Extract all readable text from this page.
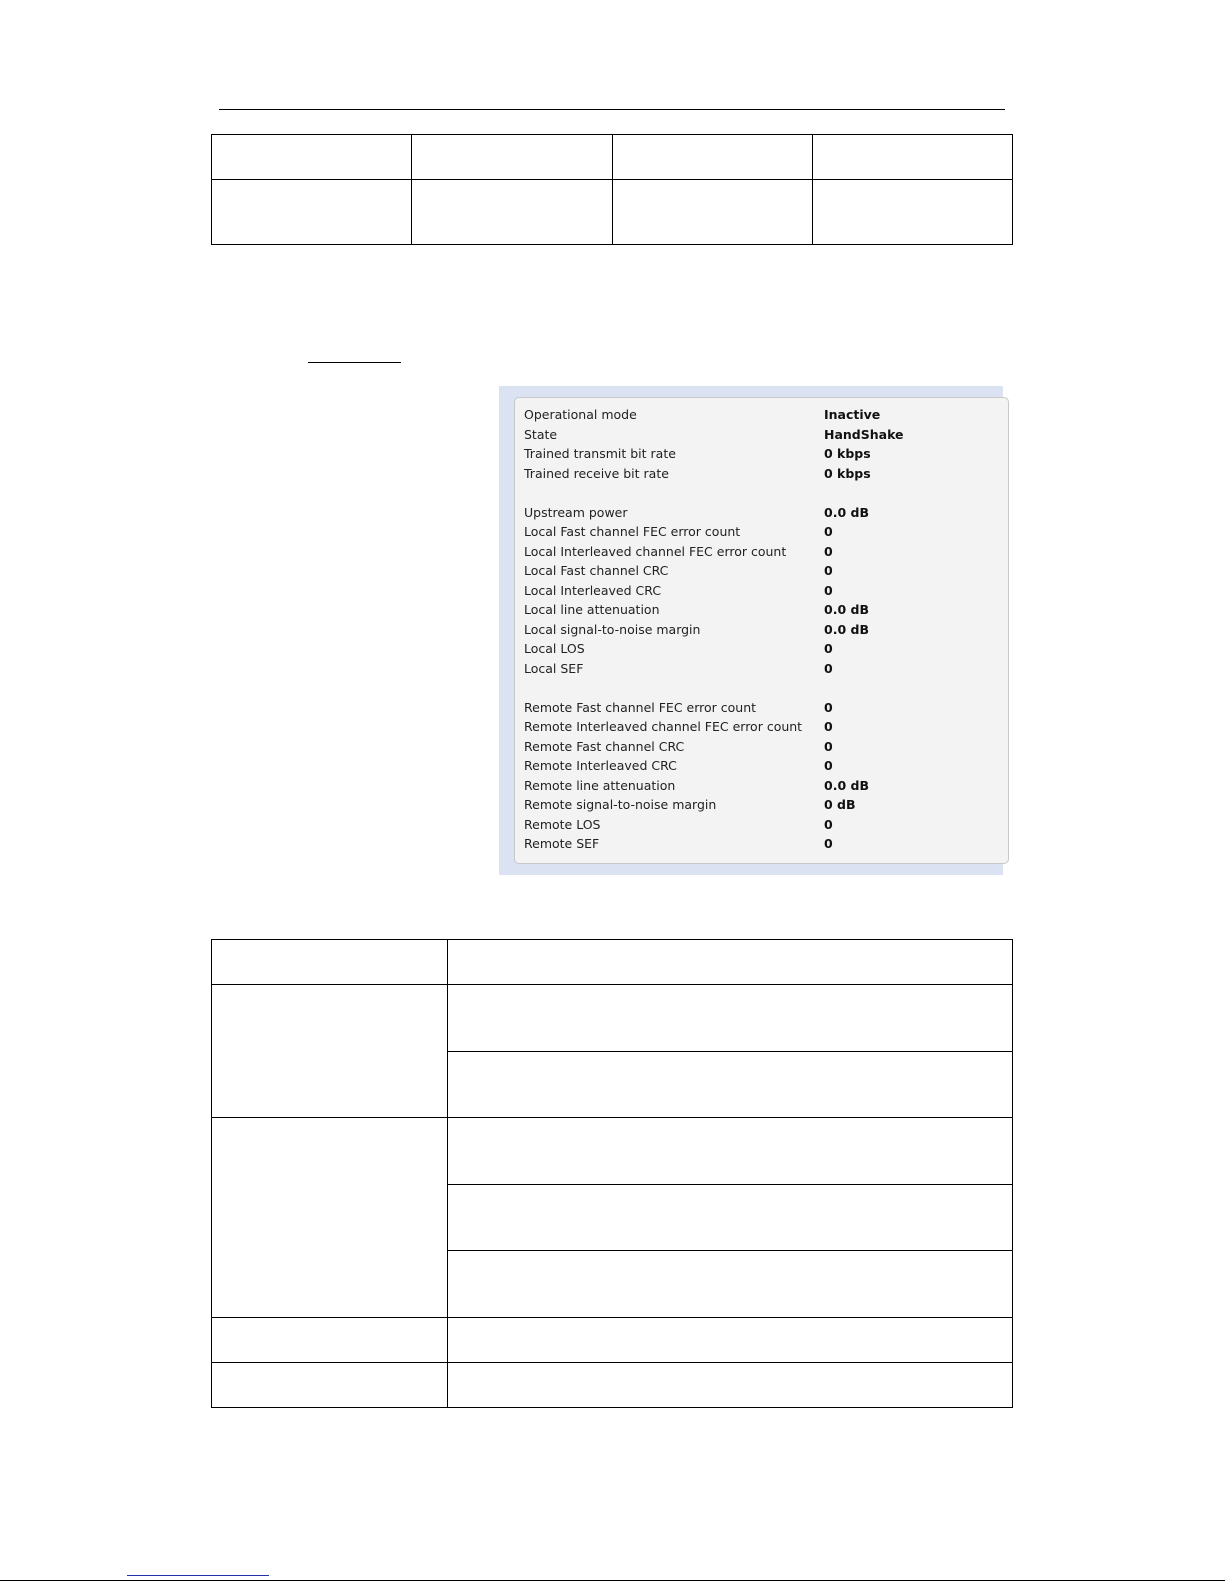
Operational mode	Inactive
State	HandShake
Trained transmit bit rate	0 kbps
Trained receive bit rate	0 kbps
Upstream power	0.0 dB
Local Fast channel FEC error count	0
Local Interleaved channel FEC error count	0
Local Fast channel CRC	0
Local Interleaved CRC	0
Local line attenuation	0.0 dB
Local signal-to-noise margin	0.0 dB
Local LOS	0
Local SEF	0
Remote Fast channel FEC error count	0
Remote Interleaved channel FEC error count	0
Remote Fast channel CRC	0
Remote Interleaved CRC	0
Remote line attenuation	0.0 dB
Remote signal-to-noise margin	0 dB
Remote LOS	0
Remote SEF	0
